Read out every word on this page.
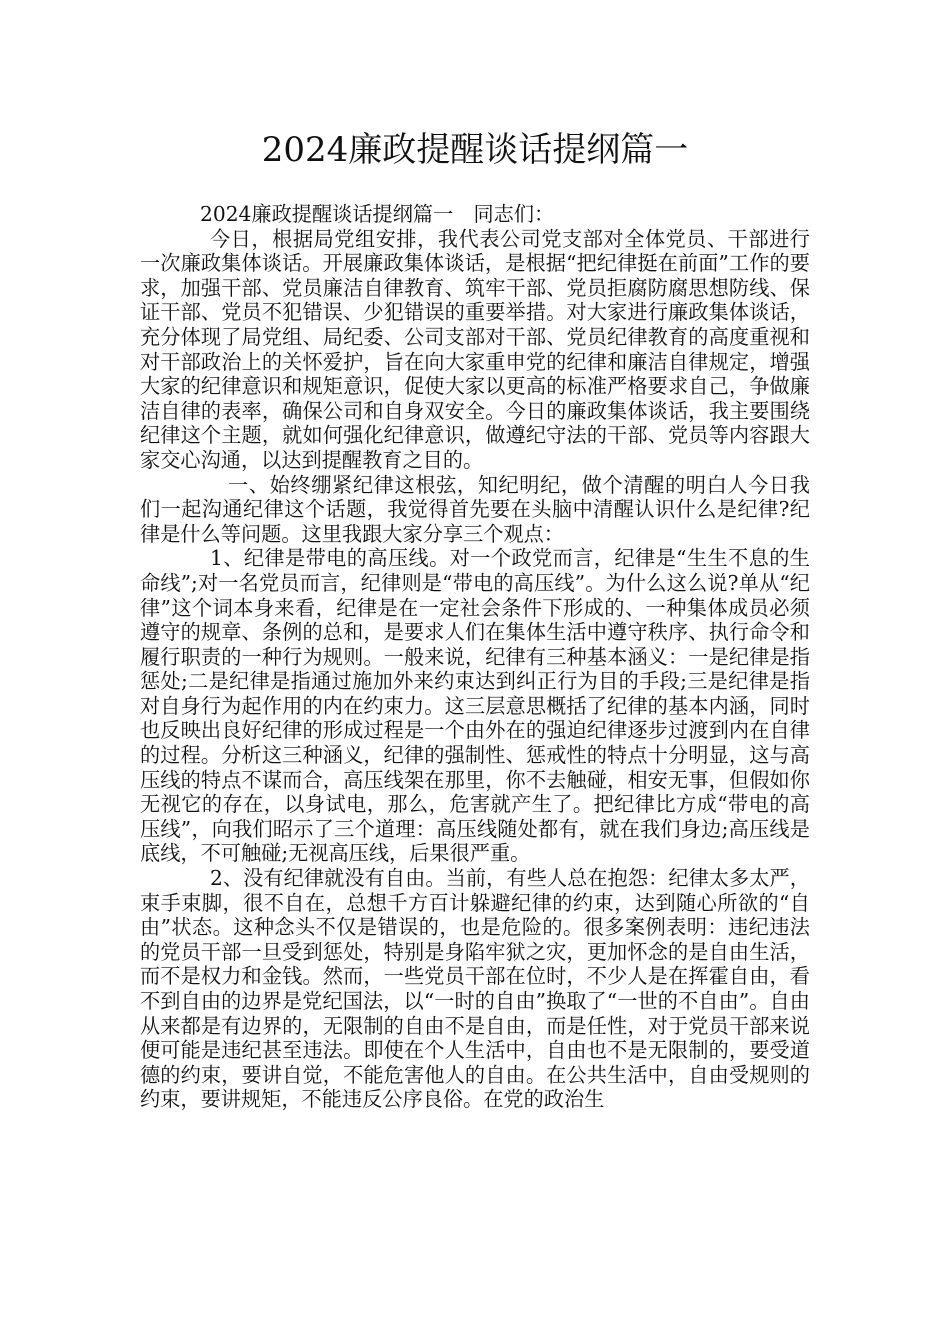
2024廉政提醒谈话提纲篇一

2024廉政提醒谈话提纲篇一　同志们：

今日，根据局党组安排，我代表公司党支部对全体党员、干部进行一次廉政集体谈话。开展廉政集体谈话，是根据“把纪律挺在前面”工作的要求，加强干部、党员廉洁自律教育、筑牢干部、党员拒腐防腐思想防线、保证干部、党员不犯错误、少犯错误的重要举措。对大家进行廉政集体谈话，充分体现了局党组、局纪委、公司支部对干部、党员纪律教育的高度重视和对干部政治上的关怀爱护，旨在向大家重申党的纪律和廉洁自律规定，增强大家的纪律意识和规矩意识，促使大家以更高的标准严格要求自己，争做廉洁自律的表率，确保公司和自身双安全。今日的廉政集体谈话，我主要围绕纪律这个主题，就如何强化纪律意识，做遵纪守法的干部、党员等内容跟大家交心沟通，以达到提醒教育之目的。

一、始终绷紧纪律这根弦，知纪明纪，做个清醒的明白人今日我们一起沟通纪律这个话题，我觉得首先要在头脑中清醒认识什么是纪律?纪律是什么等问题。这里我跟大家分享三个观点：

1、纪律是带电的高压线。对一个政党而言，纪律是“生生不息的生命线”;对一名党员而言，纪律则是“带电的高压线”。为什么这么说?单从“纪律”这个词本身来看，纪律是在一定社会条件下形成的、一种集体成员必须遵守的规章、条例的总和，是要求人们在集体生活中遵守秩序、执行命令和履行职责的一种行为规则。一般来说，纪律有三种基本涵义：一是纪律是指惩处;二是纪律是指通过施加外来约束达到纠正行为目的手段;三是纪律是指对自身行为起作用的内在约束力。这三层意思概括了纪律的基本内涵，同时也反映出良好纪律的形成过程是一个由外在的强迫纪律逐步过渡到内在自律的过程。分析这三种涵义，纪律的强制性、惩戒性的特点十分明显，这与高压线的特点不谋而合，高压线架在那里，你不去触碰，相安无事，但假如你无视它的存在，以身试电，那么，危害就产生了。把纪律比方成“带电的高压线”，向我们昭示了三个道理：高压线随处都有，就在我们身边;高压线是底线，不可触碰;无视高压线，后果很严重。

2、没有纪律就没有自由。当前，有些人总在抱怨：纪律太多太严，束手束脚，很不自在，总想千方百计躲避纪律的约束，达到随心所欲的“自由”状态。这种念头不仅是错误的，也是危险的。很多案例表明：违纪违法的党员干部一旦受到惩处，特别是身陷牢狱之灾，更加怀念的是自由生活，而不是权力和金钱。然而，一些党员干部在位时，不少人是在挥霍自由，看不到自由的边界是党纪国法，以“一时的自由”换取了“一世的不自由”。自由从来都是有边界的，无限制的自由不是自由，而是任性，对于党员干部来说便可能是违纪甚至违法。即使在个人生活中，自由也不是无限制的，要受道德的约束，要讲自觉，不能危害他人的自由。在公共生活中，自由受规则的约束，要讲规矩，不能违反公序良俗。在党的政治生
